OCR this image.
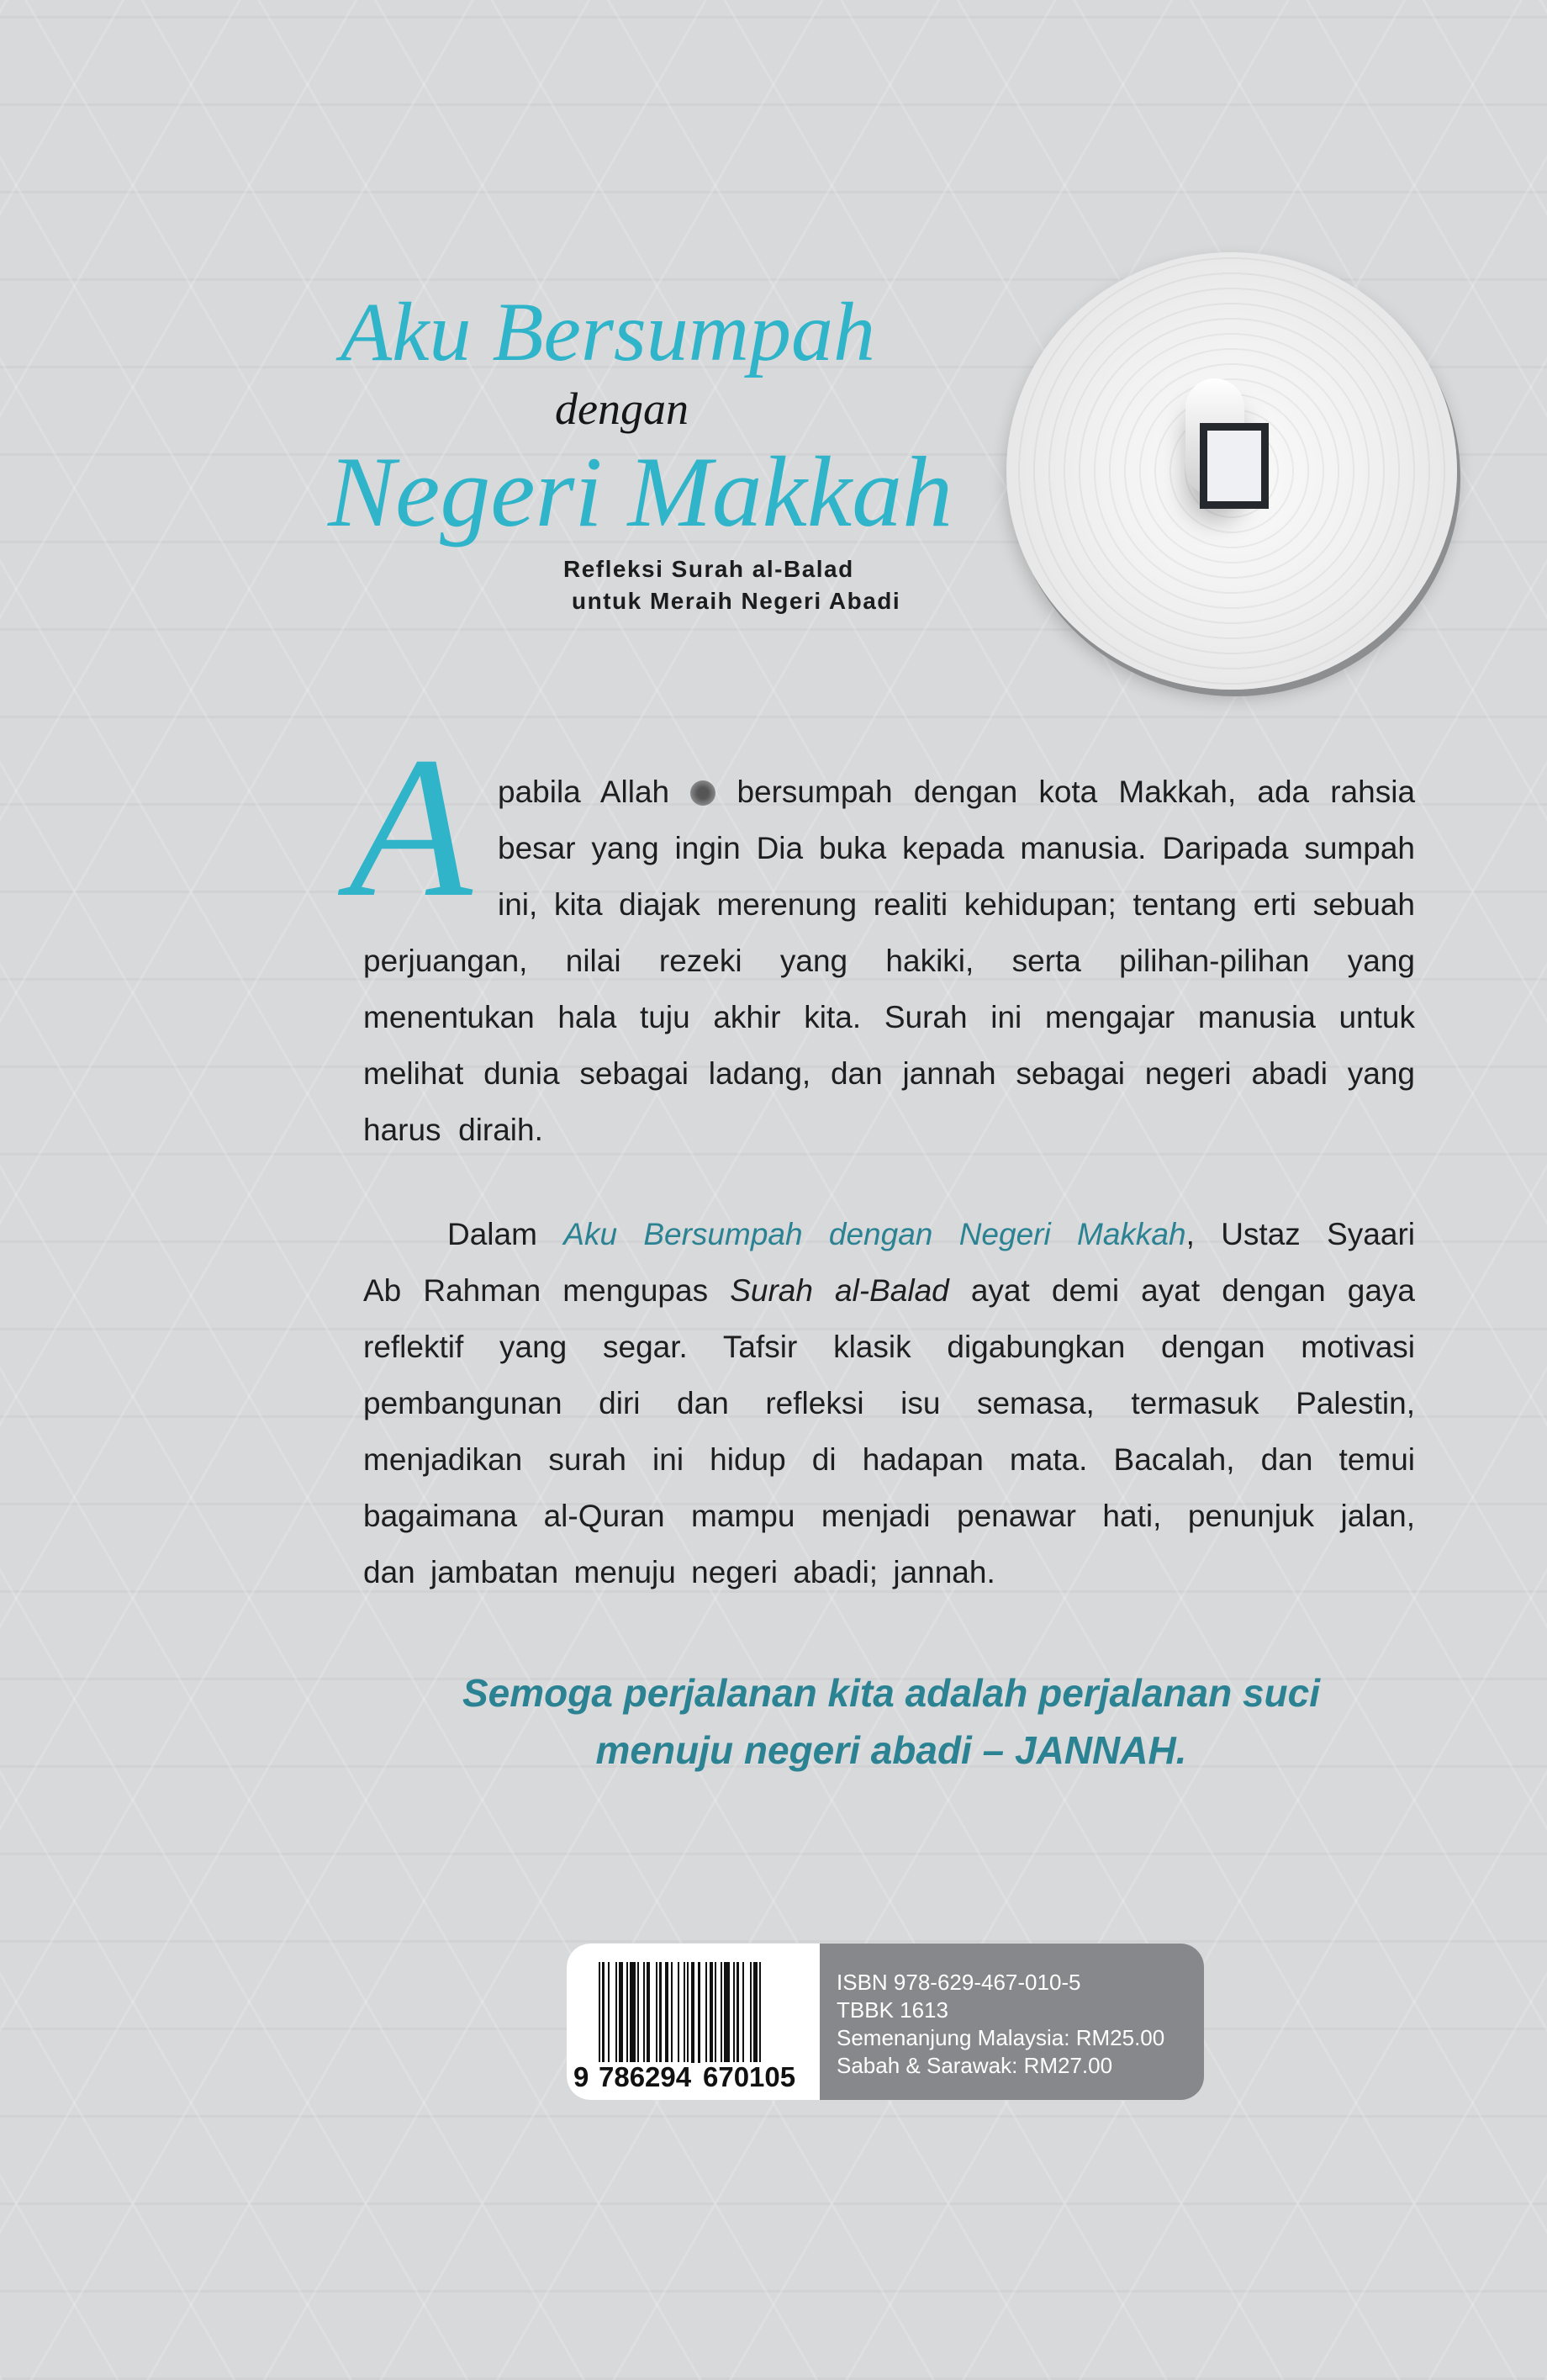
Aku Bersumpah
dengan
Negeri Makkah
Refleksi Surah al-Balad
untuk Meraih Negeri Abadi
A pabila Allah bersumpah dengan kota Makkah, ada rahsia
besar yang ingin Dia buka kepada manusia. Daripada sumpah
ini, kita diajak merenung realiti kehidupan; tentang erti sebuah
perjuangan, nilai rezeki yang hakiki, serta pilihan-pilihan yang
menentukan hala tuju akhir kita. Surah ini mengajar manusia untuk
melihat dunia sebagai ladang, dan jannah sebagai negeri abadi yang
harus  diraih.
Dalam Aku Bersumpah dengan Negeri Makkah, Ustaz Syaari
Ab Rahman mengupas Surah al-Balad ayat demi ayat dengan gaya
reflektif yang segar. Tafsir klasik digabungkan dengan motivasi
pembangunan diri dan refleksi isu semasa, termasuk Palestin,
menjadikan surah ini hidup di hadapan mata. Bacalah, dan temui
bagaimana al-Quran mampu menjadi penawar hati, penunjuk jalan,
dan jambatan menuju negeri abadi; jannah.
Semoga perjalanan kita adalah perjalanan suci
menuju negeri abadi – JANNAH.
9 786294 670105
ISBN 978-629-467-010-5
TBBK 1613
Semenanjung Malaysia: RM25.00
Sabah & Sarawak: RM27.00
